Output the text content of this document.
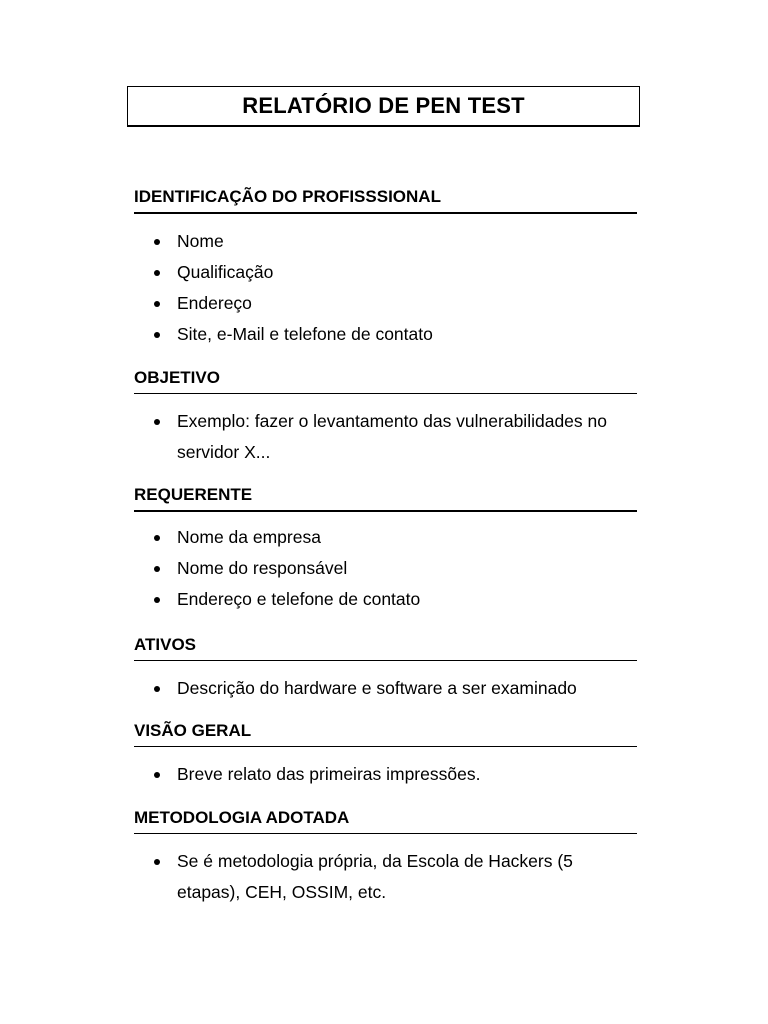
RELATÓRIO DE PEN TEST
IDENTIFICAÇÃO DO PROFISSSIONAL
Nome
Qualificação
Endereço
Site, e-Mail e telefone de contato
OBJETIVO
Exemplo: fazer o levantamento das vulnerabilidades no servidor X...
REQUERENTE
Nome da empresa
Nome do responsável
Endereço e telefone de contato
ATIVOS
Descrição do hardware e software a ser examinado
VISÃO GERAL
Breve relato das primeiras impressões.
METODOLOGIA ADOTADA
Se é metodologia própria, da Escola de Hackers (5 etapas), CEH, OSSIM, etc.
